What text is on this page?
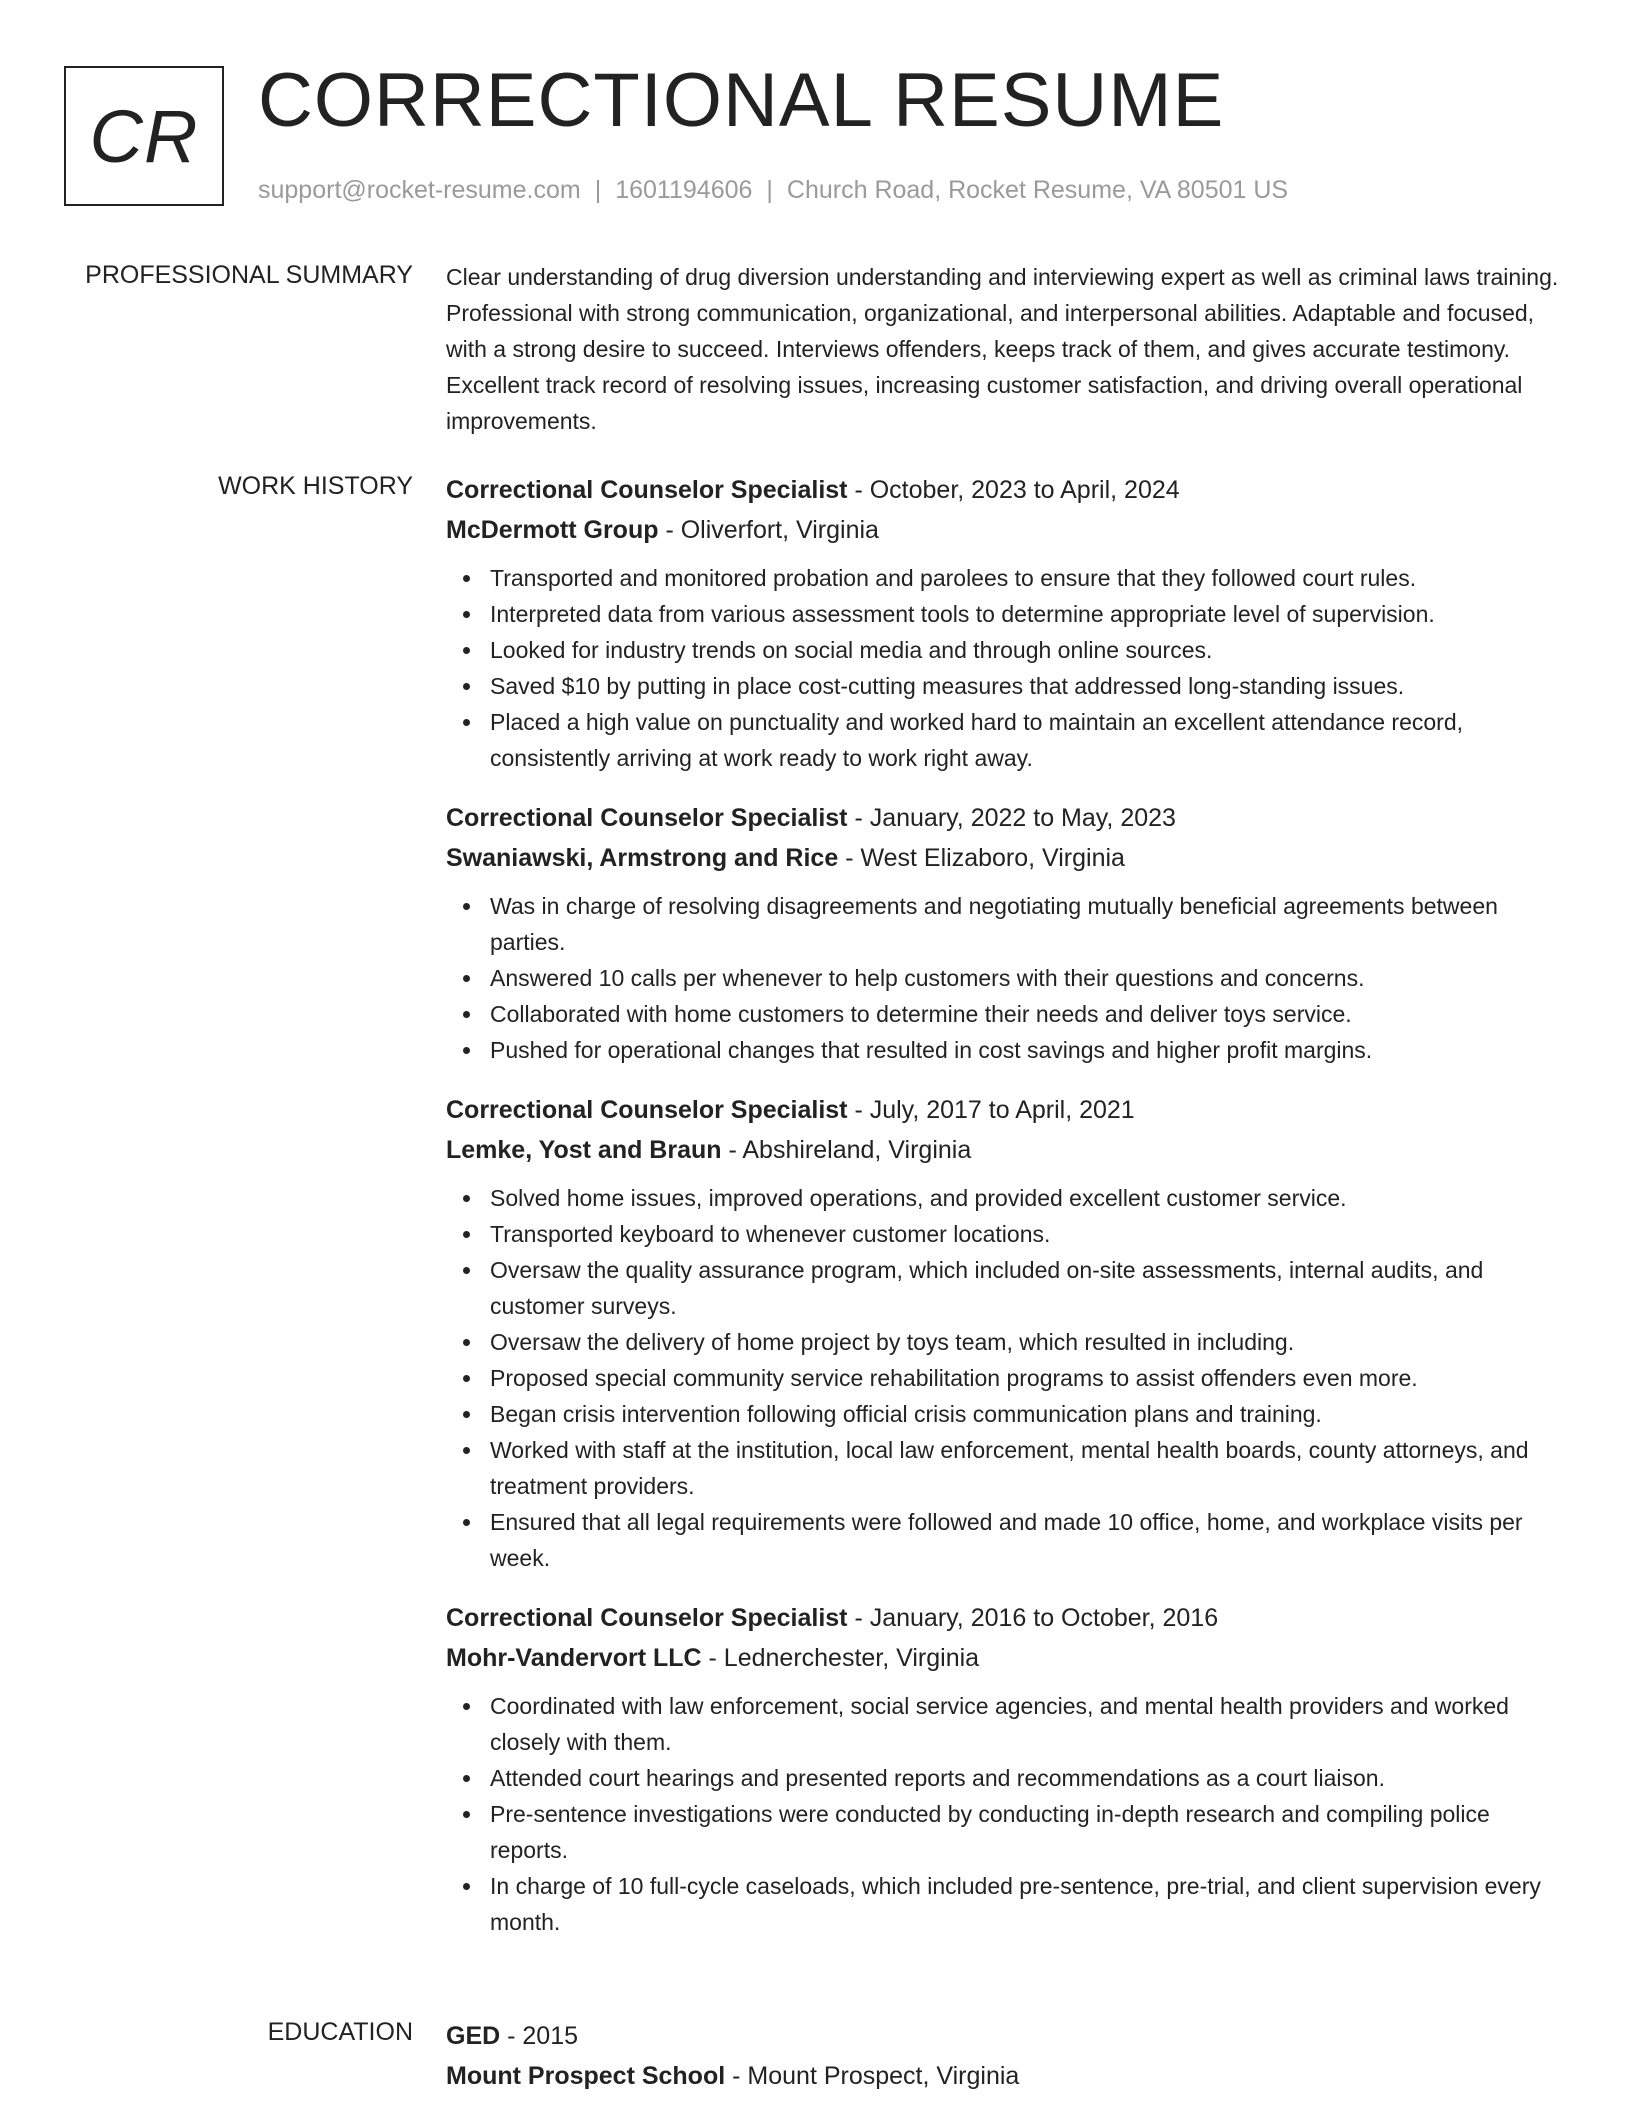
CR CORRECTIONAL RESUME
support@rocket-resume.com | 1601194606 | Church Road, Rocket Resume, VA 80501 US
PROFESSIONAL SUMMARY Clear understanding of drug diversion understanding and interviewing expert as well as criminal laws training. Professional with strong communication, organizational, and interpersonal abilities. Adaptable and focused, with a strong desire to succeed. Interviews offenders, keeps track of them, and gives accurate testimony. Excellent track record of resolving issues, increasing customer satisfaction, and driving overall operational improvements.

WORK HISTORY Correctional Counselor Specialist - October, 2023 to April, 2024
McDermott Group - Oliverfort, Virginia
Transported and monitored probation and parolees to ensure that they followed court rules.
Interpreted data from various assessment tools to determine appropriate level of supervision.
Looked for industry trends on social media and through online sources.
Saved $10 by putting in place cost-cutting measures that addressed long-standing issues.
Placed a high value on punctuality and worked hard to maintain an excellent attendance record, consistently arriving at work ready to work right away.
Correctional Counselor Specialist - January, 2022 to May, 2023
Swaniawski, Armstrong and Rice - West Elizaboro, Virginia
Was in charge of resolving disagreements and negotiating mutually beneficial agreements between parties.
Answered 10 calls per whenever to help customers with their questions and concerns.
Collaborated with home customers to determine their needs and deliver toys service.
Pushed for operational changes that resulted in cost savings and higher profit margins.
Correctional Counselor Specialist - July, 2017 to April, 2021
Lemke, Yost and Braun - Abshireland, Virginia
Solved home issues, improved operations, and provided excellent customer service.
Transported keyboard to whenever customer locations.
Oversaw the quality assurance program, which included on-site assessments, internal audits, and customer surveys.
Oversaw the delivery of home project by toys team, which resulted in including.
Proposed special community service rehabilitation programs to assist offenders even more.
Began crisis intervention following official crisis communication plans and training.
Worked with staff at the institution, local law enforcement, mental health boards, county attorneys, and treatment providers.
Ensured that all legal requirements were followed and made 10 office, home, and workplace visits per week.
Correctional Counselor Specialist - January, 2016 to October, 2016
Mohr-Vandervort LLC - Lednerchester, Virginia
Coordinated with law enforcement, social service agencies, and mental health providers and worked closely with them.
Attended court hearings and presented reports and recommendations as a court liaison.
Pre-sentence investigations were conducted by conducting in-depth research and compiling police reports.
In charge of 10 full-cycle caseloads, which included pre-sentence, pre-trial, and client supervision every month.
EDUCATION GED - 2015
Mount Prospect School - Mount Prospect, Virginia
